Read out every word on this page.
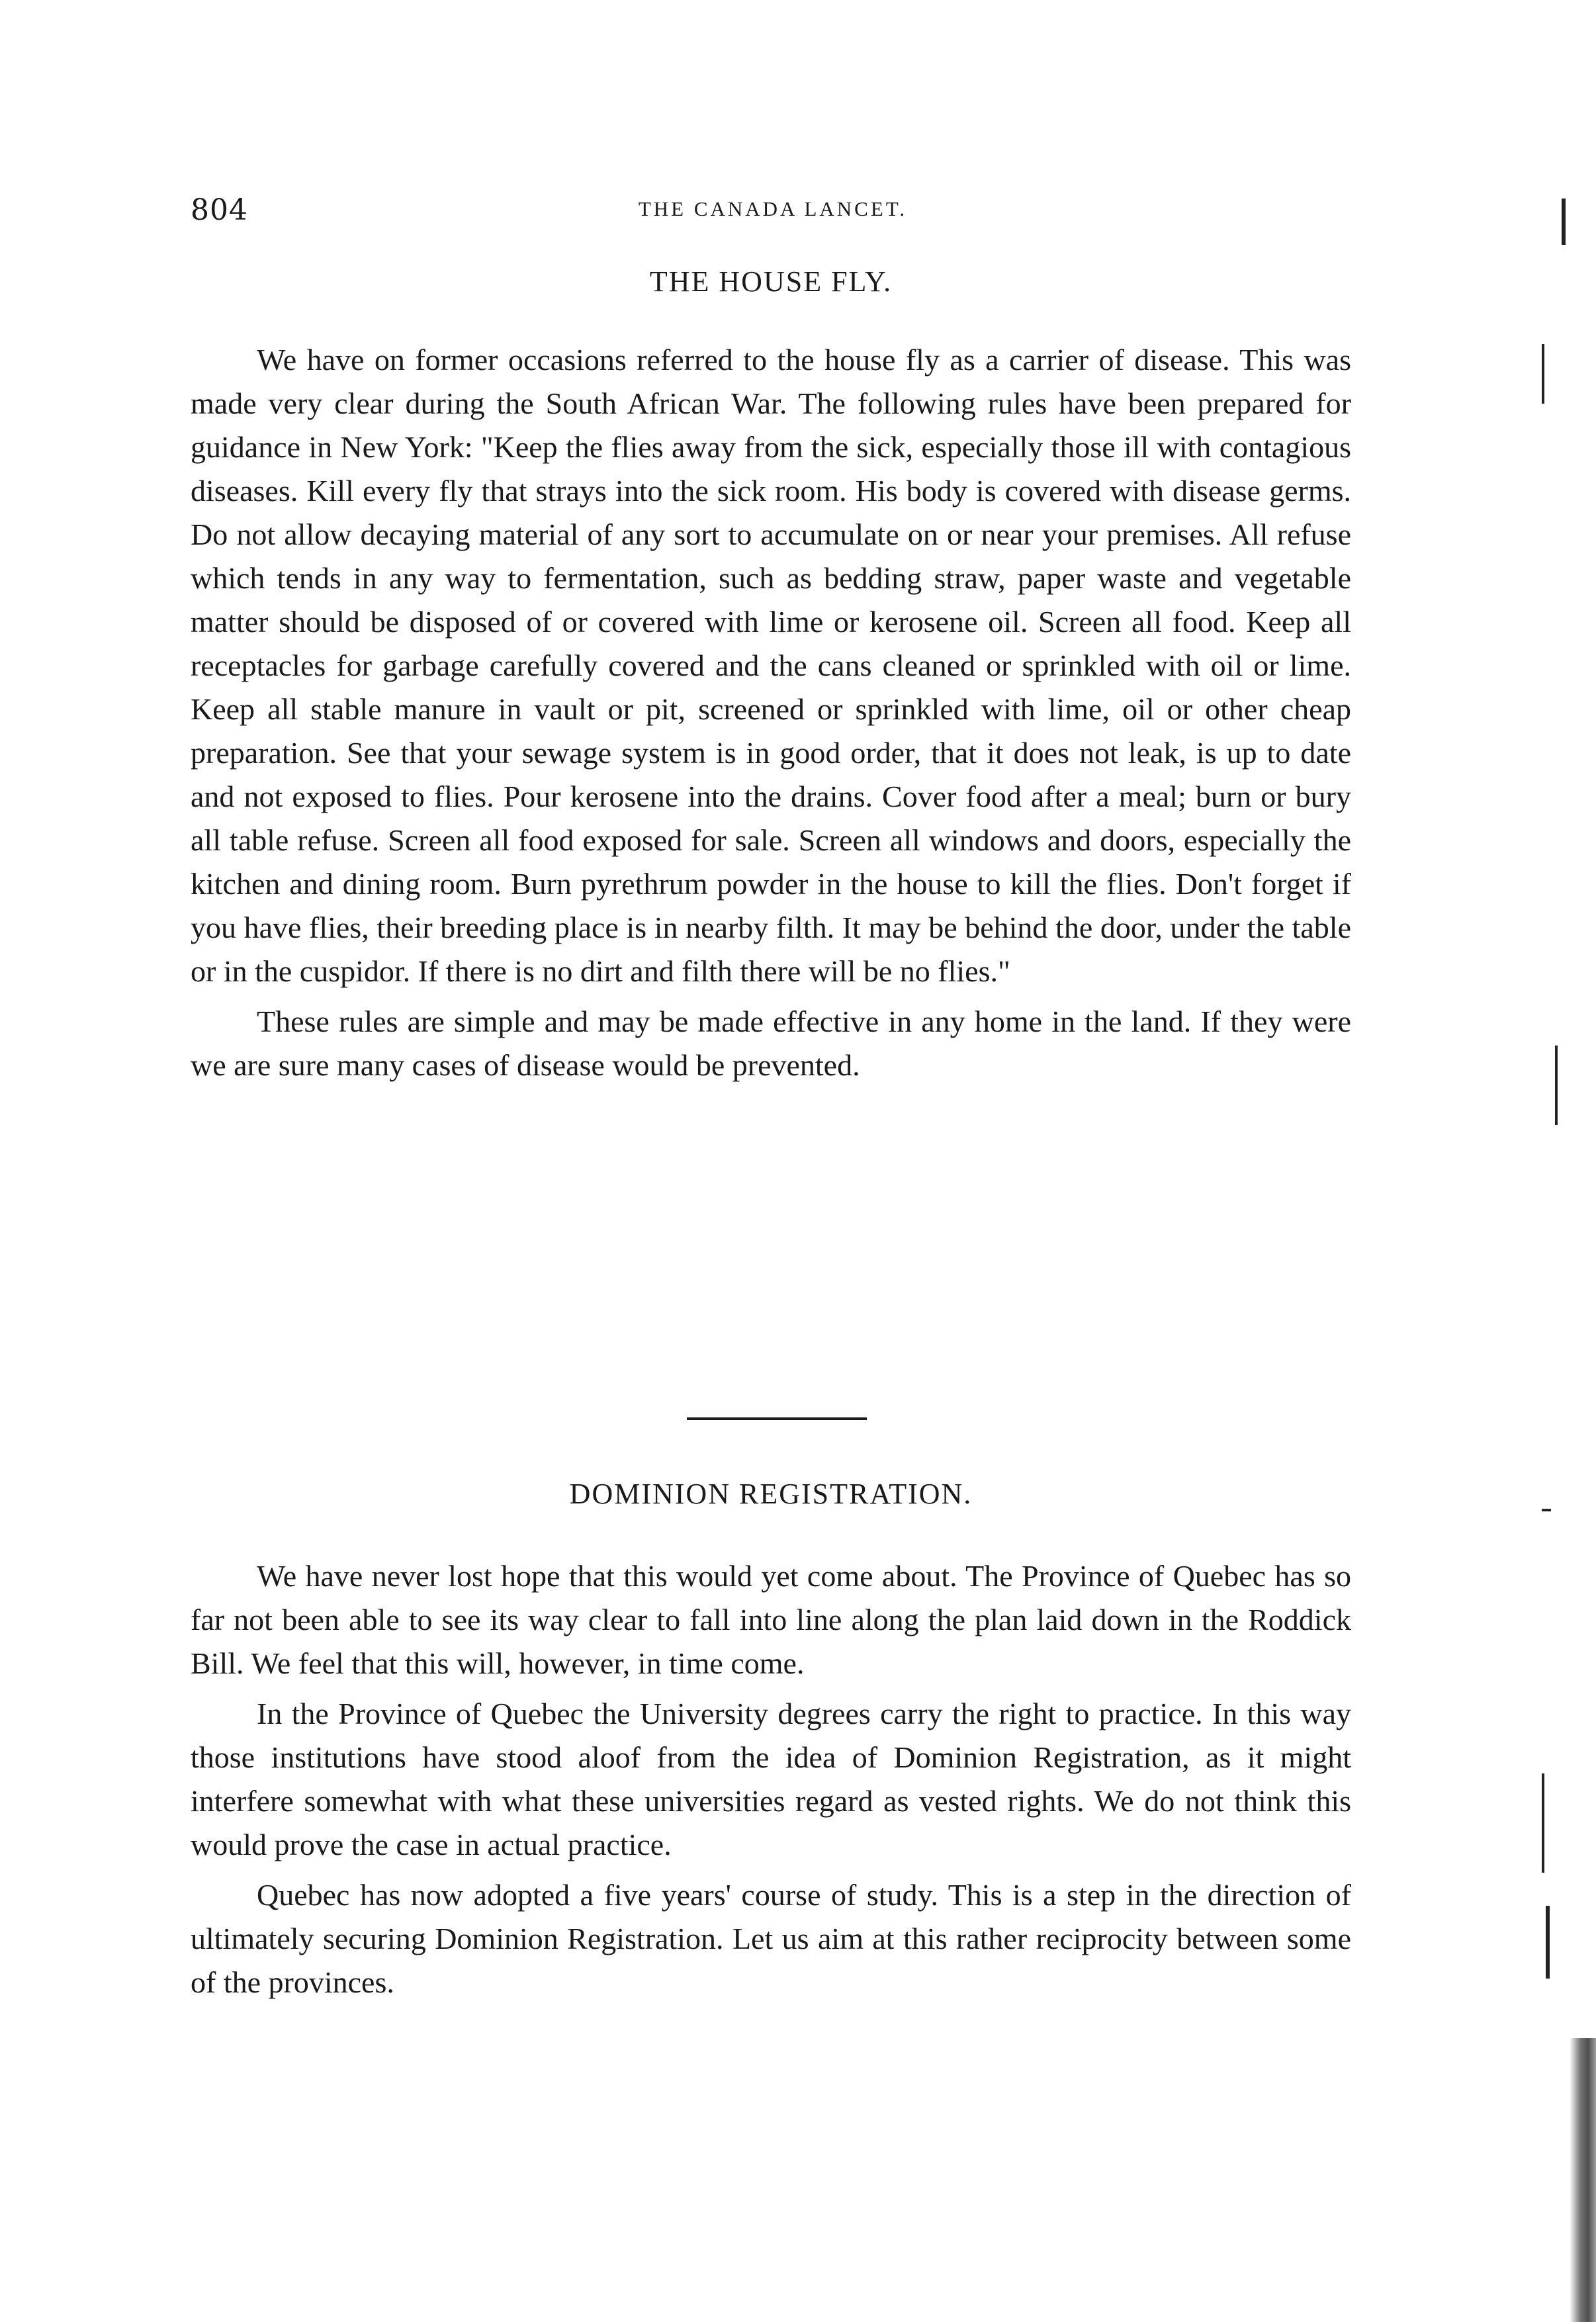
804	THE CANADA LANCET.
THE HOUSE FLY.

We have on former occasions referred to the house fly as a carrier of disease. This was made very clear during the South African War. The following rules have been prepared for guidance in New York: "Keep the flies away from the sick, especially those ill with contagious diseases. Kill every fly that strays into the sick room. His body is covered with disease germs. Do not allow decaying material of any sort to accumulate on or near your premises. All refuse which tends in any way to fermentation, such as bedding straw, paper waste and vegetable matter should be disposed of or covered with lime or kerosene oil. Screen all food. Keep all receptacles for garbage carefully covered and the cans cleaned or sprinkled with oil or lime. Keep all stable manure in vault or pit, screened or sprinkled with lime, oil or other cheap preparation. See that your sewage system is in good order, that it does not leak, is up to date and not exposed to flies. Pour kerosene into the drains. Cover food after a meal; burn or bury all table refuse. Screen all food exposed for sale. Screen all windows and doors, especially the kitchen and dining room. Burn pyrethrum powder in the house to kill the flies. Don't forget if you have flies, their breeding place is in nearby filth. It may be behind the door, under the table or in the cuspidor. If there is no dirt and filth there will be no flies."

These rules are simple and may be made effective in any home in the land. If they were we are sure many cases of disease would be prevented.

DOMINION REGISTRATION.

We have never lost hope that this would yet come about. The Province of Quebec has so far not been able to see its way clear to fall into line along the plan laid down in the Roddick Bill. We feel that this will, however, in time come.

In the Province of Quebec the University degrees carry the right to practice. In this way those institutions have stood aloof from the idea of Dominion Registration, as it might interfere somewhat with what these universities regard as vested rights. We do not think this would prove the case in actual practice.

Quebec has now adopted a five years' course of study. This is a step in the direction of ultimately securing Dominion Registration. Let us aim at this rather reciprocity between some of the provinces.
